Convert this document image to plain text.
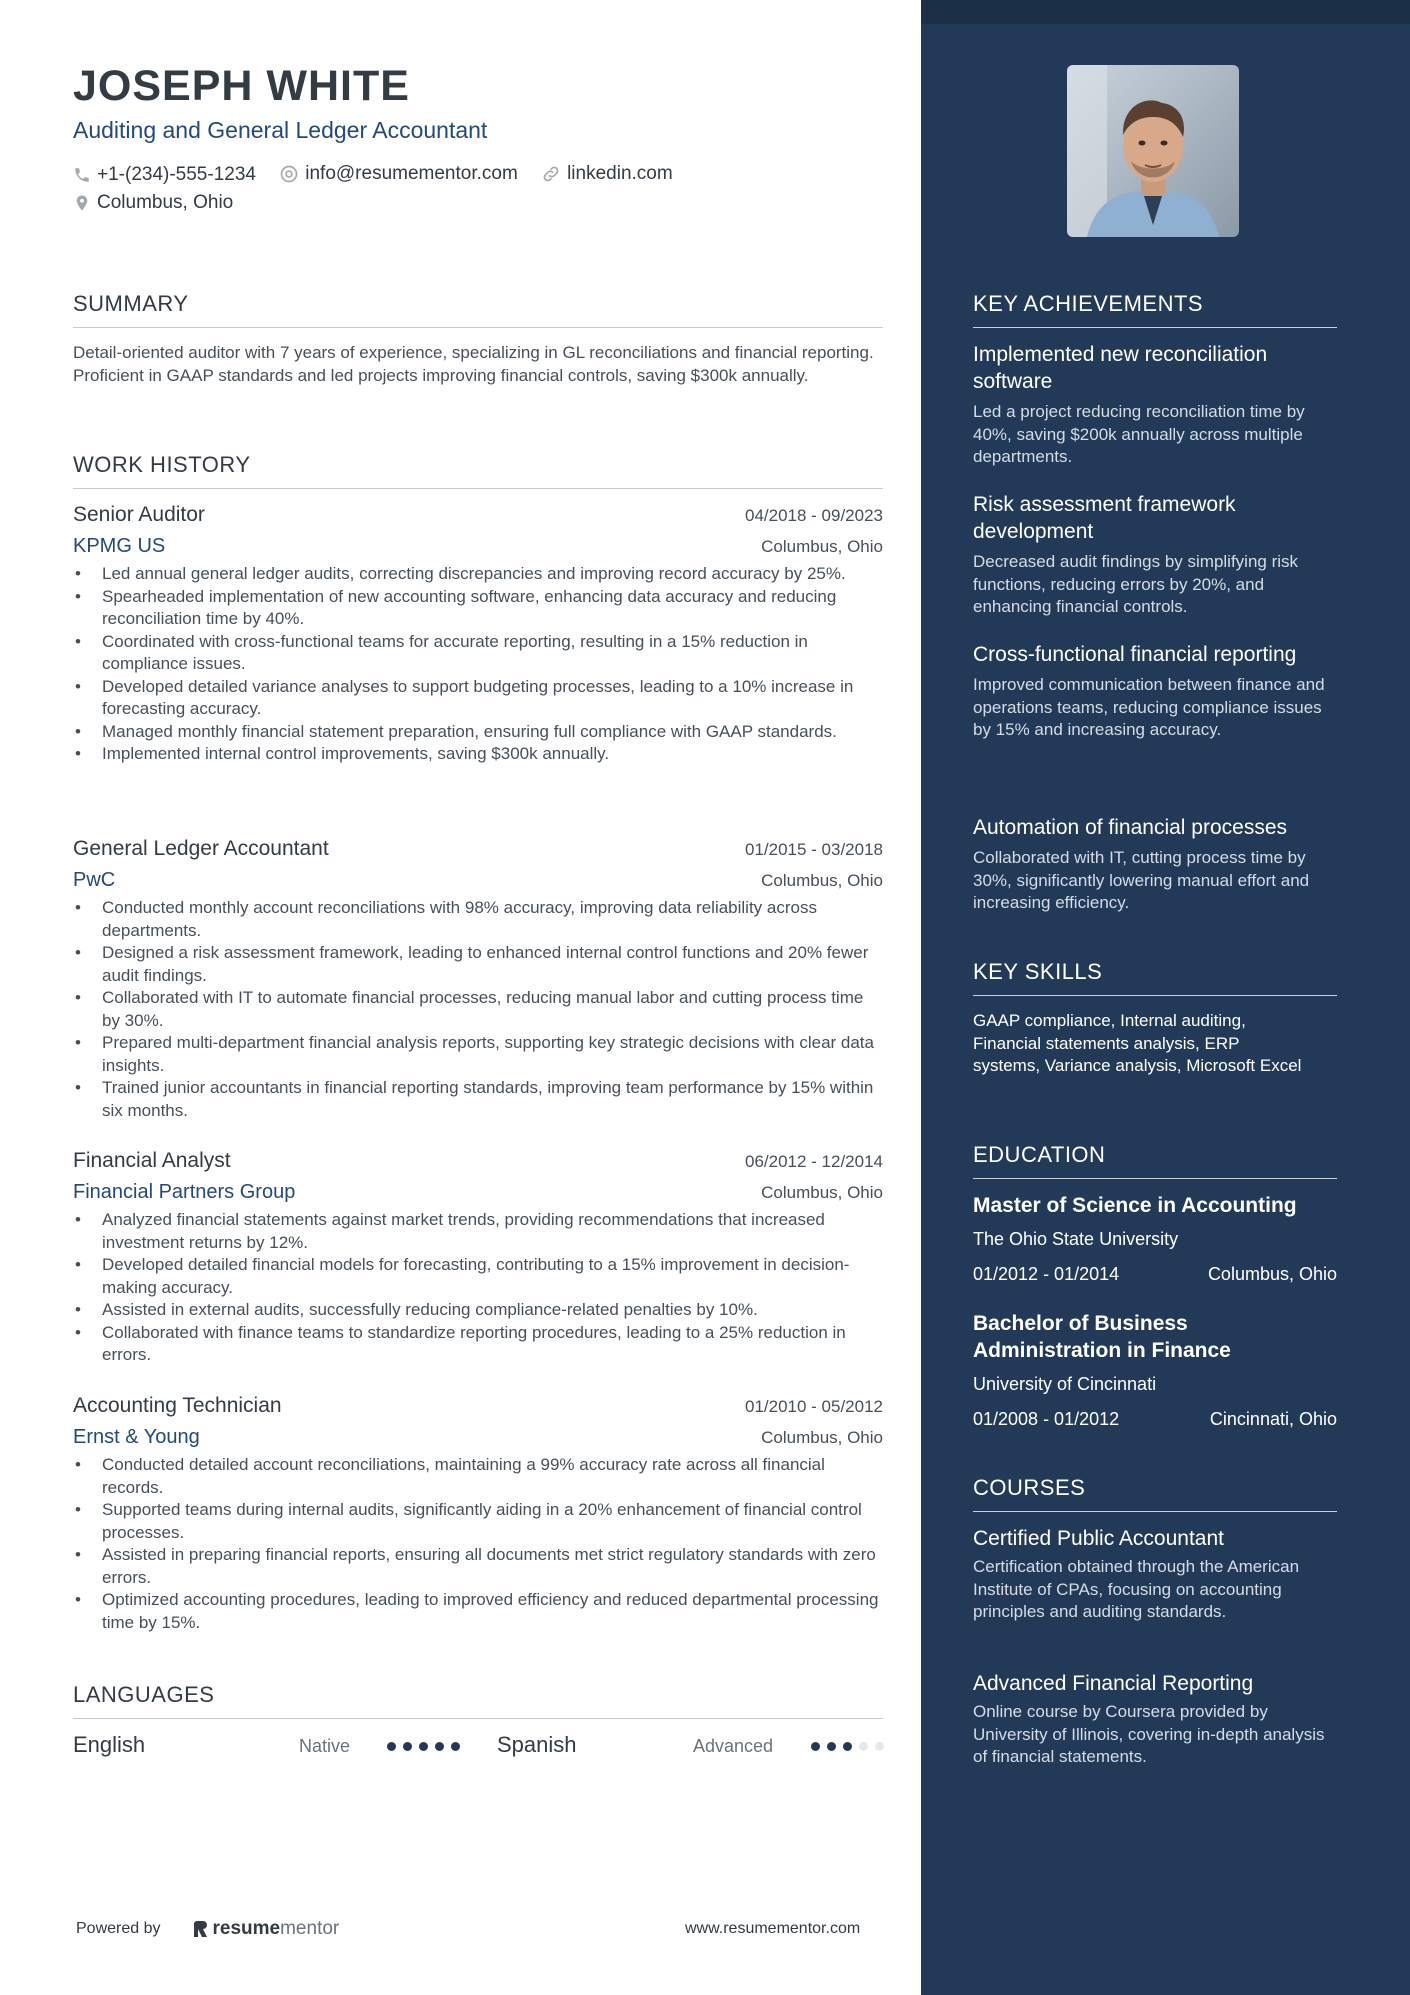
JOSEPH WHITE
Auditing and General Ledger Accountant
+1-(234)-555-1234
	info@resumementor.com
	linkedin.com
Columbus, Ohio
SUMMARY
Detail-oriented auditor with 7 years of experience, specializing in GL reconciliations and financial reporting. Proficient in GAAP standards and led projects improving financial controls, saving $300k annually.
WORK HISTORY
Senior Auditor	04/2018 - 09/2023
KPMG US	Columbus, Ohio
• Led annual general ledger audits, correcting discrepancies and improving record accuracy by 25%.
• Spearheaded implementation of new accounting software, enhancing data accuracy and reducing reconciliation time by 40%.
• Coordinated with cross-functional teams for accurate reporting, resulting in a 15% reduction in compliance issues.
• Developed detailed variance analyses to support budgeting processes, leading to a 10% increase in forecasting accuracy.
• Managed monthly financial statement preparation, ensuring full compliance with GAAP standards.
• Implemented internal control improvements, saving $300k annually.
General Ledger Accountant	01/2015 - 03/2018
PwC	Columbus, Ohio
• Conducted monthly account reconciliations with 98% accuracy, improving data reliability across departments.
• Designed a risk assessment framework, leading to enhanced internal control functions and 20% fewer audit findings.
• Collaborated with IT to automate financial processes, reducing manual labor and cutting process time by 30%.
• Prepared multi-department financial analysis reports, supporting key strategic decisions with clear data insights.
• Trained junior accountants in financial reporting standards, improving team performance by 15% within six months.
Financial Analyst	06/2012 - 12/2014
Financial Partners Group	Columbus, Ohio
• Analyzed financial statements against market trends, providing recommendations that increased investment returns by 12%.
• Developed detailed financial models for forecasting, contributing to a 15% improvement in decision-making accuracy.
• Assisted in external audits, successfully reducing compliance-related penalties by 10%.
• Collaborated with finance teams to standardize reporting procedures, leading to a 25% reduction in errors.
Accounting Technician	01/2010 - 05/2012
Ernst & Young	Columbus, Ohio
• Conducted detailed account reconciliations, maintaining a 99% accuracy rate across all financial records.
• Supported teams during internal audits, significantly aiding in a 20% enhancement of financial control processes.
• Assisted in preparing financial reports, ensuring all documents met strict regulatory standards with zero errors.
• Optimized accounting procedures, leading to improved efficiency and reduced departmental processing time by 15%.
LANGUAGES
English	Native	Spanish	Advanced
Powered by	resume mentor	www.resumementor.com
KEY ACHIEVEMENTS
Implemented new reconciliation software
Led a project reducing reconciliation time by 40%, saving $200k annually across multiple departments.
Risk assessment framework development
Decreased audit findings by simplifying risk functions, reducing errors by 20%, and enhancing financial controls.
Cross-functional financial reporting
Improved communication between finance and operations teams, reducing compliance issues by 15% and increasing accuracy.
Automation of financial processes
Collaborated with IT, cutting process time by 30%, significantly lowering manual effort and increasing efficiency.
KEY SKILLS
GAAP compliance, Internal auditing, Financial statements analysis, ERP systems, Variance analysis, Microsoft Excel
EDUCATION
Master of Science in Accounting
The Ohio State University
01/2012 - 01/2014	Columbus, Ohio
Bachelor of Business Administration in Finance
University of Cincinnati
01/2008 - 01/2012	Cincinnati, Ohio
COURSES
Certified Public Accountant
Certification obtained through the American Institute of CPAs, focusing on accounting principles and auditing standards.
Advanced Financial Reporting
Online course by Coursera provided by University of Illinois, covering in-depth analysis of financial statements.
